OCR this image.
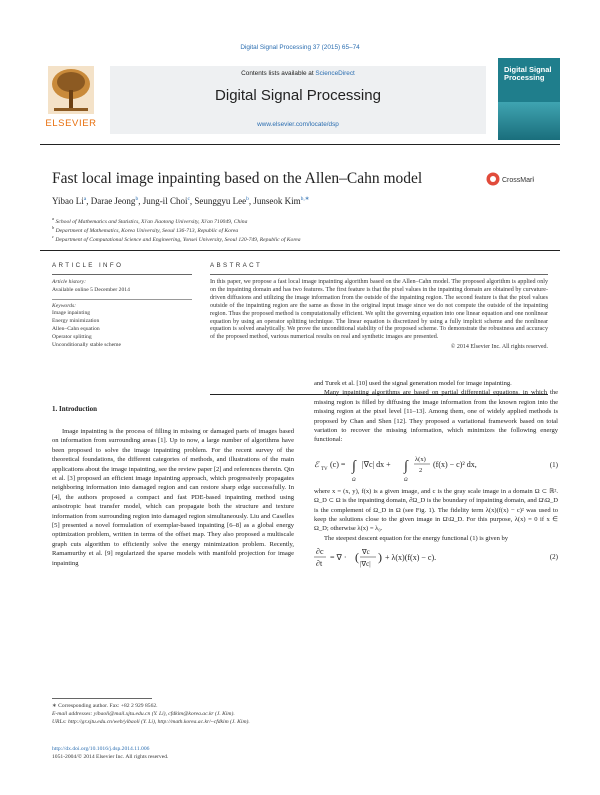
Digital Signal Processing 37 (2015) 65–74
ELSEVIER
Contents lists available at ScienceDirect
Digital Signal Processing
www.elsevier.com/locate/dsp
Digital Signal Processing
Fast local image inpainting based on the Allen–Cahn model	CrossMark
Yibao Li$^a$, Darae Jeong$^b$, Jung-il Choi$^c$, Seunggyu Lee$^b$, Junseok Kim$^{b,∗}$
$^a$ School of Mathematics and Statistics, Xi'an Jiaotong University, Xi'an 710049, China
$^b$ Department of Mathematics, Korea University, Seoul 136-713, Republic of Korea
$^c$ Department of Computational Science and Engineering, Yonsei University, Seoul 120-749, Republic of Korea
ARTICLE INFO
Article history:
Available online 5 December 2014
Keywords:
Image inpainting
Energy minimization
Allen–Cahn equation
Operator splitting
Unconditionally stable scheme
ABSTRACT
In this paper, we propose a fast local image inpainting algorithm based on the Allen–Cahn model. The proposed algorithm is applied only on the inpainting domain and has two features. The first feature is that the pixel values in the inpainting domain are obtained by curvature-driven diffusions and utilizing the image information from the outside of the inpainting region. The second feature is that the pixel values outside of the inpainting region are the same as those in the original input image since we do not compute the outside of the inpainting region. Thus the proposed method is computationally efficient. We split the governing equation into one linear equation and one nonlinear equation by using an operator splitting technique. The linear equation is discretized by using a fully implicit scheme and the nonlinear equation is solved analytically. We prove the unconditional stability of the proposed scheme. To demonstrate the robustness and accuracy of the proposed method, various numerical results on real and synthetic images are presented.
© 2014 Elsevier Inc. All rights reserved.
1. Introduction
Image inpainting is the process of filling in missing or damaged parts of images based on information from surrounding areas [1]. Up to now, a large number of algorithms have been proposed to solve the image inpainting problem. For the recent survey of the theoretical foundations, the different categories of methods, and illustrations of the main applications about the image inpainting, see the review paper [2] and references therein. Qin et al. [3] proposed an efficient image inpainting approach, which progressively propagates neighboring information into damaged region and can restore sharp edge successfully. In [4], the authors proposed a compact and fast PDE-based inpainting method using anisotropic heat transfer model, which can propagate both the structure and texture information from surrounding region into damaged region simultaneously. Liu and Caselles [5] presented a novel formulation of exemplar-based inpainting [6–8] as a global energy optimization problem, written in terms of the offset map. They also proposed a multiscale graph cuts algorithm to efficiently solve the energy minimization problem. Recently, Ramamurthy et al. [9] regularized the sparse models with manifold projection for image inpainting
and Turek et al. [10] used the signal generation model for image inpainting.
Many inpainting algorithms are based on partial differential equations, in which the missing region is filled by diffusing the image information from the known region into the missing region at the pixel level [11–13]. Among them, one of widely applied methods is proposed by Chan and Shen [12]. They proposed a variational framework based on total variation to recover the missing information, which minimizes the following energy functional:
ℰ
TV
(c) = ∫
Ω
|∇c| dx + ∫
Ω
λ(x)
2
(f(x) − c)² dx,	(1)
where x = (x, y), f(x) is a given image, and c is the gray scale image in a domain Ω ⊂ ℝ². Ω_D ⊂ Ω is the inpainting domain, ∂Ω_D is the boundary of inpainting domain, and Ω\Ω_D is the complement of Ω_D in Ω (see Fig. 1). The fidelity term λ(x)(f(x) − c)² was used to keep the solutions close to the given image in Ω\Ω_D. For this purpose, λ(x) = 0 if x ∈ Ω_D; otherwise λ(x) = λ₀.
The steepest descent equation for the energy functional (1) is given by
∂c
∂t
= ∇ · ( ∇c
|∇c| ) + λ(x)(f(x) − c).	(2)
∗ Corresponding author. Fax: +82 2 929 8562.
E-mail addresses: yibaoli@mail.xjtu.edu.cn (Y. Li), cfdkim@korea.ac.kr (J. Kim).
URLs: http://gr.xjtu.edu.cn/web/yibaoli (Y. Li), http://math.korea.ac.kr/~cfdkim (J. Kim).
http://dx.doi.org/10.1016/j.dsp.2014.11.006
1051-2004/© 2014 Elsevier Inc. All rights reserved.
